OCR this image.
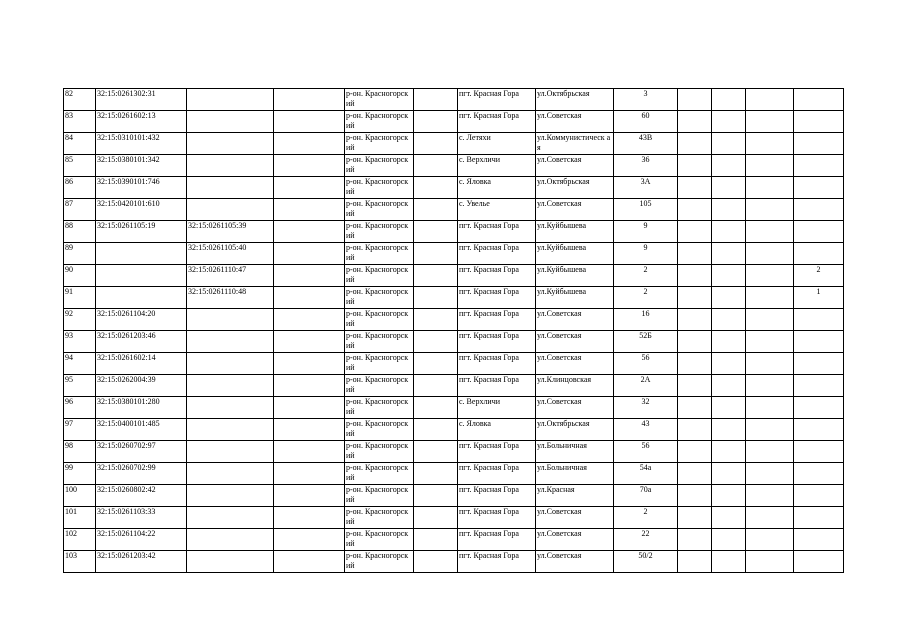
82	32:15:0261302:31			р-он. Красногорский		пгт. Красная Гора	ул.Октябрьская	3				
83	32:15:0261602:13			р-он. Красногорский		пгт. Красная Гора	ул.Советская	60				
84	32:15:0310101:432			р-он. Красногорский		с. Летяхи	ул.Коммунистическ ая	43В				
85	32:15:0380101:342			р-он. Красногорский		с. Верхличи	ул.Советская	36				
86	32:15:0390101:746			р-он. Красногорский		с. Яловка	ул.Октябрьская	3А				
87	32:15:0420101:610			р-он. Красногорский		с. Увелье	ул.Советская	105				
88	32:15:0261105:19	32:15:0261105:39		р-он. Красногорский		пгт. Красная Гора	ул.Куйбышева	9				
89		32:15:0261105:40		р-он. Красногорский		пгт. Красная Гора	ул.Куйбышева	9				
90		32:15:0261110:47		р-он. Красногорский		пгт. Красная Гора	ул.Куйбышева	2				2
91		32:15:0261110:48		р-он. Красногорский		пгт. Красная Гора	ул.Куйбышева	2				1
92	32:15:0261104:20			р-он. Красногорский		пгт. Красная Гора	ул.Советская	16				
93	32:15:0261203:46			р-он. Красногорский		пгт. Красная Гора	ул.Советская	52Б				
94	32:15:0261602:14			р-он. Красногорский		пгт. Красная Гора	ул.Советская	56				
95	32:15:0262004:39			р-он. Красногорский		пгт. Красная Гора	ул.Клинцовская	2А				
96	32:15:0380101:280			р-он. Красногорский		с. Верхличи	ул.Советская	32				
97	32:15:0400101:485			р-он. Красногорский		с. Яловка	ул.Октябрьская	43				
98	32:15:0260702:97			р-он. Красногорский		пгт. Красная Гора	ул.Больничная	56				
99	32:15:0260702:99			р-он. Красногорский		пгт. Красная Гора	ул.Больничная	54а				
100	32:15:0260802:42			р-он. Красногорский		пгт. Красная Гора	ул.Красная	70а				
101	32:15:0261103:33			р-он. Красногорский		пгт. Красная Гора	ул.Советская	2				
102	32:15:0261104:22			р-он. Красногорский		пгт. Красная Гора	ул.Советская	22				
103	32:15:0261203:42			р-он. Красногорский		пгт. Красная Гора	ул.Советская	50/2				
